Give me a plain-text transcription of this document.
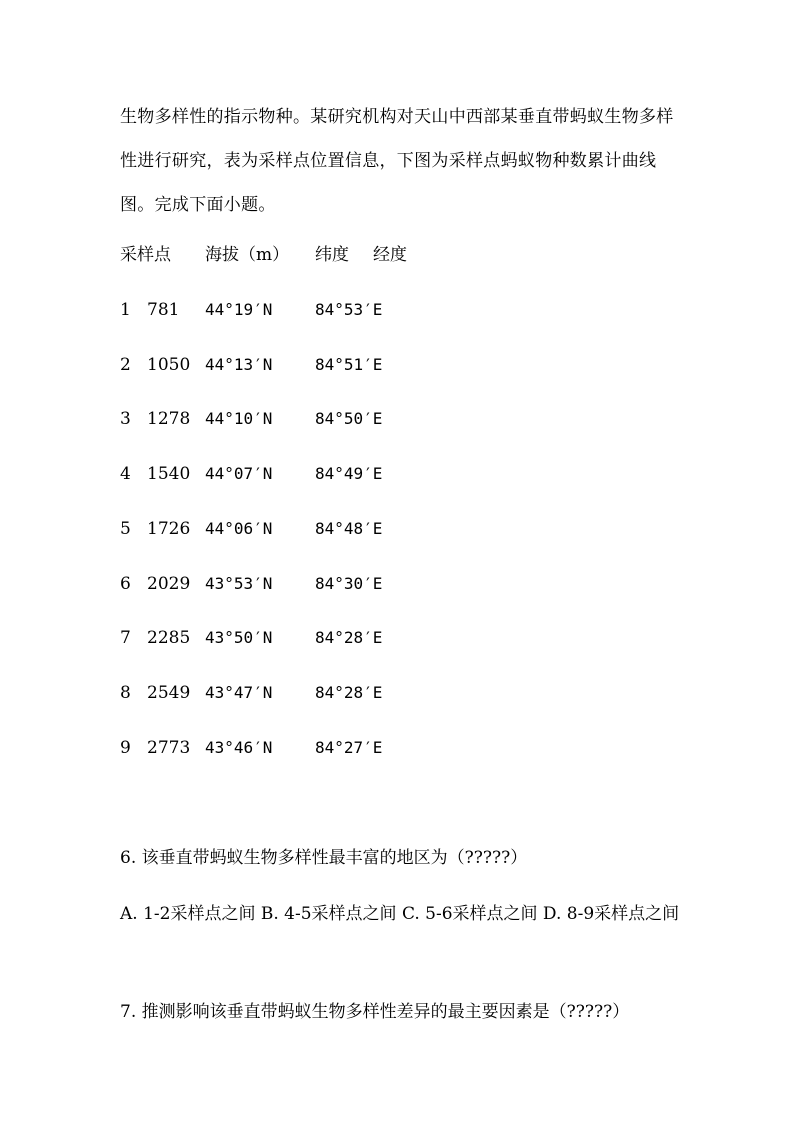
生物多样性的指示物种。某研究机构对天山中西部某垂直带蚂蚁生物多样性进行研究，表为采样点位置信息，下图为采样点蚂蚁物种数累计曲线图。完成下面小题。

采样点 海拔（m） 纬度 经度
1 781 44°19′N	84°53′E
2 1050 44°13′N	84°51′E
3 1278 44°10′N	84°50′E
4 1540 44°07′N	84°49′E
5 1726 44°06′N	84°48′E
6 2029 43°53′N	84°30′E
7 2285 43°50′N	84°28′E
8 2549 43°47′N	84°28′E
9 2773 43°46′N	84°27′E

6. 该垂直带蚂蚁生物多样性最丰富的地区为（?????）

A. 1-2采样点之间 B. 4-5采样点之间 C. 5-6采样点之间 D. 8-9采样点之间

7. 推测影响该垂直带蚂蚁生物多样性差异的最主要因素是（?????）
